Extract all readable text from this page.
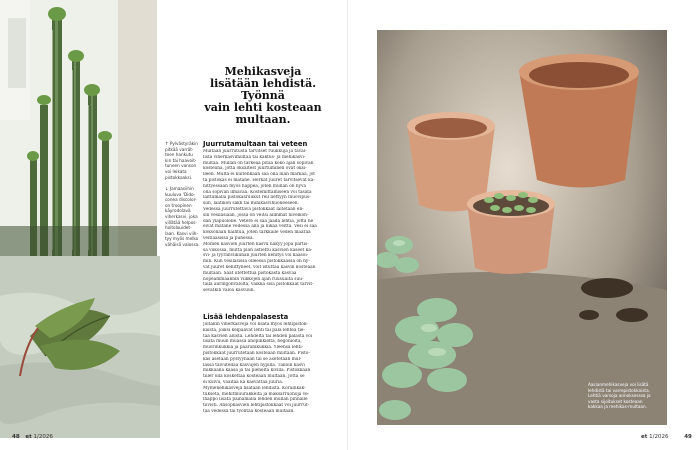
↑ Pylvästyräkin
pitkää varrät-
teen hankutu
kin tai haavoit-
tuneen vanson
voi leikata
pistokkaaksi.
↓ Jamaasiihin
kuuluva 'Dido-
conea discolor-
on troopinen
käyrodolavä
viherkasvi, joka
villätää helpos-
hoitolouidet-
laan. Kasvi viih-
tyy myös melko
vähäisä valossa.
Mehikasveja
lisätään lehdistä. Työnnä
vain lehti kosteaan
multaan.
Juurrutamultaan tai veteen
Multaan juurrutusta tarvitset ruukkuja ja taval-
lista viherkasvimultaa tai kaktus- ja mehikasvi-
multaa. Mullan on tärkeää pitää koko ajan sopivan
kosteana, jotta oksaltest juurtuminen ovat oksi-
lleen. Multa ei kuitenkaan saa olla liian märkää, jot
ta pistokas ei mätäne. Herkät juuret tarvitsevat ka-
hittyessään myös happea, joten mullan on hyvä
olla sopivan ilmavaa. Kostemittamiseen voi tasata
laittamalla pistokasruukut reil liettyyn muovipus-
siin, laatikon sakk tai minikasvihuoneeseen.
Vedessä juurrutettava pistokkaat laitetaan en-
sin vesilasiaan, jossa on veitsi alimmat nivelkoh-
dan ylapuolelle. Vetere ei saa jäädä lehtiä, jotta ne
eivät mätäne vedessä alla ja liikaa veittä. Vesi ei saa
koksonaan haihtua, joten tarkkaile veden määrää
veitläasissa ja puhessa.
Monien kasvien juurten kasvu näkyy jopa partis-
sa viikossa, mutta pian astiettu kasvien kaseet ka-
svi- ja lyyranviikunan juurten kehitys voi kaasoi-
min. Kun vesilasissa olleessa pistokkaassa on hy-
vät juuret kehittyneet, voit istuttaa kasvin kosteaan
multaan. Saat iitettettua pistokasta kasvaa
nopeammaannin viikkojen ajan ruusuaita suu-
talla auringonvalolta, vaikka sisä pistokkaat tarvit-
sevatkin valoa kasvuun.
Lisää lehdenpalasesta
Joitakin viherkasveja voi lisätä myös lehtipistok-
kaista, joiksi kelpaavat lehti tai pala lehteä tie-
tää kasvien alusta. Lehdeltä tai lehden palasta voi
lisätä muun muassa anopinkieltä, begonioita,
muorinkukkia ja paarahikukkia. Yleensä lehti-
pistokkaat juurrutetaan kosteaan multaan. Pisto-
kas asetaan pystyynään tai se asetetaan mul-
lassa taivutellaa kasvujen nypillä. Tällöin kasvi
mikkaalla kaasa ja tai pieneltä kivillä. Pistokkaan
tiiler olla koskettaa kosteaan multaan. Jotta se
ei kuivu, vaaitaa ka kasvattaa juuria.
Mymenehikasveja lisätään lehdistä. Korallikak-
tukseta, mehitmuurakkeita ja maksarruohoja ve-
lhappo lisätä painamalla lehden mullan pinnalle
tiivisti. Ansopkasvien lehtipistokkaat voi juurrut-
taa vedessä tai työntää kosteaan multaan.
48 et 1/2026
Aasianmehikasveja voi lisätä
lehdistä tai varrepistokkaista.
Lehtiä varsoja annoksesssa ja
vasta sijoitukset kosteaan
kakkaa ja mehikas-multaan.
et 1/2026	49
